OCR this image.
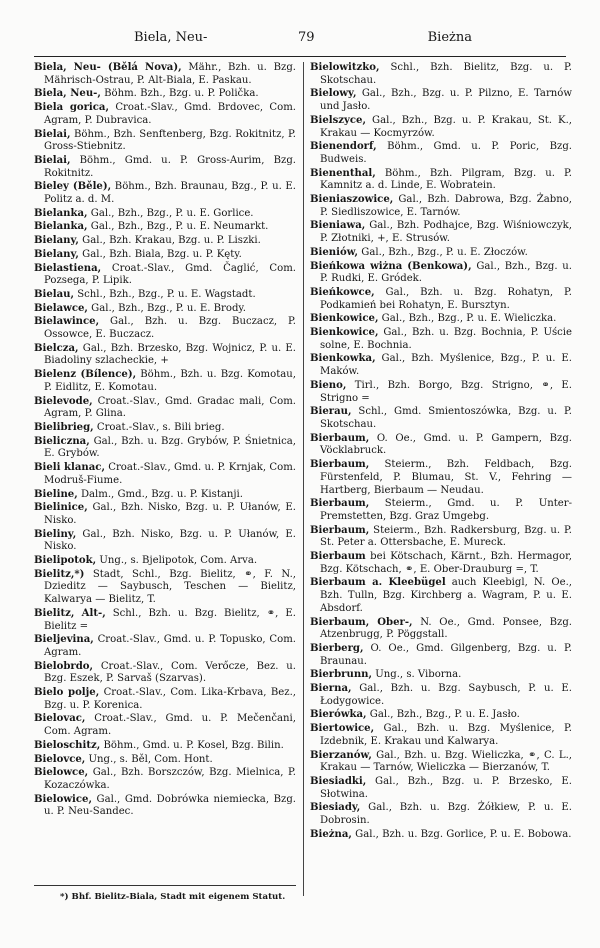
Biela, Neu-	79	Bieżna

Biela, Neu- (Bělá Nova), Mähr., Bzh. u. Bzg. Mährisch-Ostrau, P. Alt-Biala, E. Paskau.

Biela, Neu-, Böhm. Bzh., Bzg. u. P. Polička.

Biela gorica, Croat.-Slav., Gmd. Brdovec, Com. Agram, P. Dubravica.

Bielai, Böhm., Bzh. Senftenberg, Bzg. Rokitnitz, P. Gross-Stiebnitz.

Bielai, Böhm., Gmd. u. P. Gross-Aurim, Bzg. Rokitnitz.

Bieley (Běle), Böhm., Bzh. Braunau, Bzg., P. u. E. Politz a. d. M.

Bielanka, Gal., Bzh., Bzg., P. u. E. Gorlice.

Bielanka, Gal., Bzh., Bzg., P. u. E. Neumarkt.

Bielany, Gal., Bzh. Krakau, Bzg. u. P. Liszki.

Bielany, Gal., Bzh. Biala, Bzg. u. P. Kęty.

Bielastiena, Croat.-Slav., Gmd. Čaglić, Com. Pozsega, P. Lipik.

Bielau, Schl., Bzh., Bzg., P. u. E. Wagstadt.

Bielawce, Gal., Bzh., Bzg., P. u. E. Brody.

Bielawince, Gal., Bzh. u. Bzg. Buczacz, P. Ossowce, E. Buczacz.

Bielcza, Gal., Bzh. Brzesko, Bzg. Wojnicz, P. u. E. Biadoliny szlacheckie, +

Bielenz (Bílence), Böhm., Bzh. u. Bzg. Komotau, P. Eidlitz, E. Komotau.

Bielevode, Croat.-Slav., Gmd. Gradac mali, Com. Agram, P. Glina.

Bielibrieg, Croat.-Slav., s. Bili brieg.

Bieliczna, Gal., Bzh. u. Bzg. Grybów, P. Śnietnica, E. Grybów.

Bieli klanac, Croat.-Slav., Gmd. u. P. Krnjak, Com. Modruš-Fiume.

Bieline, Dalm., Gmd., Bzg. u. P. Kistanji.

Bielinice, Gal., Bzh. Nisko, Bzg. u. P. Ułanów, E. Nisko.

Bieliny, Gal., Bzh. Nisko, Bzg. u. P. Ułanów, E. Nisko.

Bielipotok, Ung., s. Bjelipotok, Com. Arva.

Bielitz,*) Stadt, Schl., Bzg. Bielitz, ⚭, F. N., Dzieditz — Saybusch, Teschen — Bielitz, Kalwarya — Bielitz, T.

Bielitz, Alt-, Schl., Bzh. u. Bzg. Bielitz, ⚭, E. Bielitz =

Bieljevina, Croat.-Slav., Gmd. u. P. Topusko, Com. Agram.

Bielobrdo, Croat.-Slav., Com. Verőcze, Bez. u. Bzg. Eszek, P. Sarvaš (Szarvas).

Bielo polje, Croat.-Slav., Com. Lika-Krbava, Bez., Bzg. u. P. Korenica.

Bielovac, Croat.-Slav., Gmd. u. P. Mečenčani, Com. Agram.

Bieloschitz, Böhm., Gmd. u. P. Kosel, Bzg. Bilin.

Bielovce, Ung., s. Běl, Com. Hont.

Bielowce, Gal., Bzh. Borszczów, Bzg. Mielnica, P. Kozaczówka.

Bielowice, Gal., Gmd. Dobrówka niemiecka, Bzg. u. P. Neu-Sandec.

Bielowitzko, Schl., Bzh. Bielitz, Bzg. u. P. Skotschau.

Bielowy, Gal., Bzh., Bzg. u. P. Pilzno, E. Tarnów und Jasło.

Bielszyce, Gal., Bzh., Bzg. u. P. Krakau, St. K., Krakau — Kocmyrzów.

Bienendorf, Böhm., Gmd. u. P. Poric, Bzg. Budweis.

Bienenthal, Böhm., Bzh. Pilgram, Bzg. u. P. Kamnitz a. d. Linde, E. Wobratein.

Bieniaszowice, Gal., Bzh. Dabrowa, Bzg. Żabno, P. Siedliszowice, E. Tarnów.

Bieniawa, Gal., Bzh. Podhajce, Bzg. Wiśniowczyk, P. Złotniki, +, E. Strusów.

Bieniów, Gal., Bzh., Bzg., P. u. E. Złoczów.

Bieńkowa wiżna (Benkowa), Gal., Bzh., Bzg. u. P. Rudki, E. Gródek.

Bieńkowce, Gal., Bzh. u. Bzg. Rohatyn, P. Podkamień bei Rohatyn, E. Bursztyn.

Bienkowice, Gal., Bzh., Bzg., P. u. E. Wieliczka.

Bienkowice, Gal., Bzh. u. Bzg. Bochnia, P. Uście solne, E. Bochnia.

Bienkowka, Gal., Bzh. Myślenice, Bzg., P. u. E. Maków.

Bieno, Tirl., Bzh. Borgo, Bzg. Strigno, ⚭, E. Strigno =

Bierau, Schl., Gmd. Smientoszówka, Bzg. u. P. Skotschau.

Bierbaum, O. Oe., Gmd. u. P. Gampern, Bzg. Vöcklabruck.

Bierbaum, Steierm., Bzh. Feldbach, Bzg. Fürstenfeld, P. Blumau, St. V., Fehring — Hartberg, Bierbaum — Neudau.

Bierbaum, Steierm., Gmd. u. P. Unter-Premstetten, Bzg. Graz Umgebg.

Bierbaum, Steierm., Bzh. Radkersburg, Bzg. u. P. St. Peter a. Ottersbache, E. Mureck.

Bierbaum bei Kötschach, Kärnt., Bzh. Hermagor, Bzg. Kötschach, ⚭, E. Ober-Drauburg =, T.

Bierbaum a. Kleebügel auch Kleebigl, N. Oe., Bzh. Tulln, Bzg. Kirchberg a. Wagram, P. u. E. Absdorf.

Bierbaum, Ober-, N. Oe., Gmd. Ponsee, Bzg. Atzenbrugg, P. Pöggstall.

Bierberg, O. Oe., Gmd. Gilgenberg, Bzg. u. P. Braunau.

Bierbrunn, Ung., s. Viborna.

Bierna, Gal., Bzh. u. Bzg. Saybusch, P. u. E. Łodygowice.

Bierówka, Gal., Bzh., Bzg., P. u. E. Jasło.

Biertowice, Gal., Bzh. u. Bzg. Myślenice, P. Izdebnik, E. Krakau und Kalwarya.

Bierzanów, Gal., Bzh. u. Bzg. Wieliczka, ⚭, C. L., Krakau — Tarnów, Wieliczka — Bierzanów, T.

Biesiadki, Gal., Bzh., Bzg. u. P. Brzesko, E. Słotwina.

Biesiady, Gal., Bzh. u. Bzg. Żółkiew, P. u. E. Dobrosin.

Bieżna, Gal., Bzh. u. Bzg. Gorlice, P. u. E. Bobowa.

*) Bhf. Bielitz-Biala, Stadt mit eigenem Statut.
